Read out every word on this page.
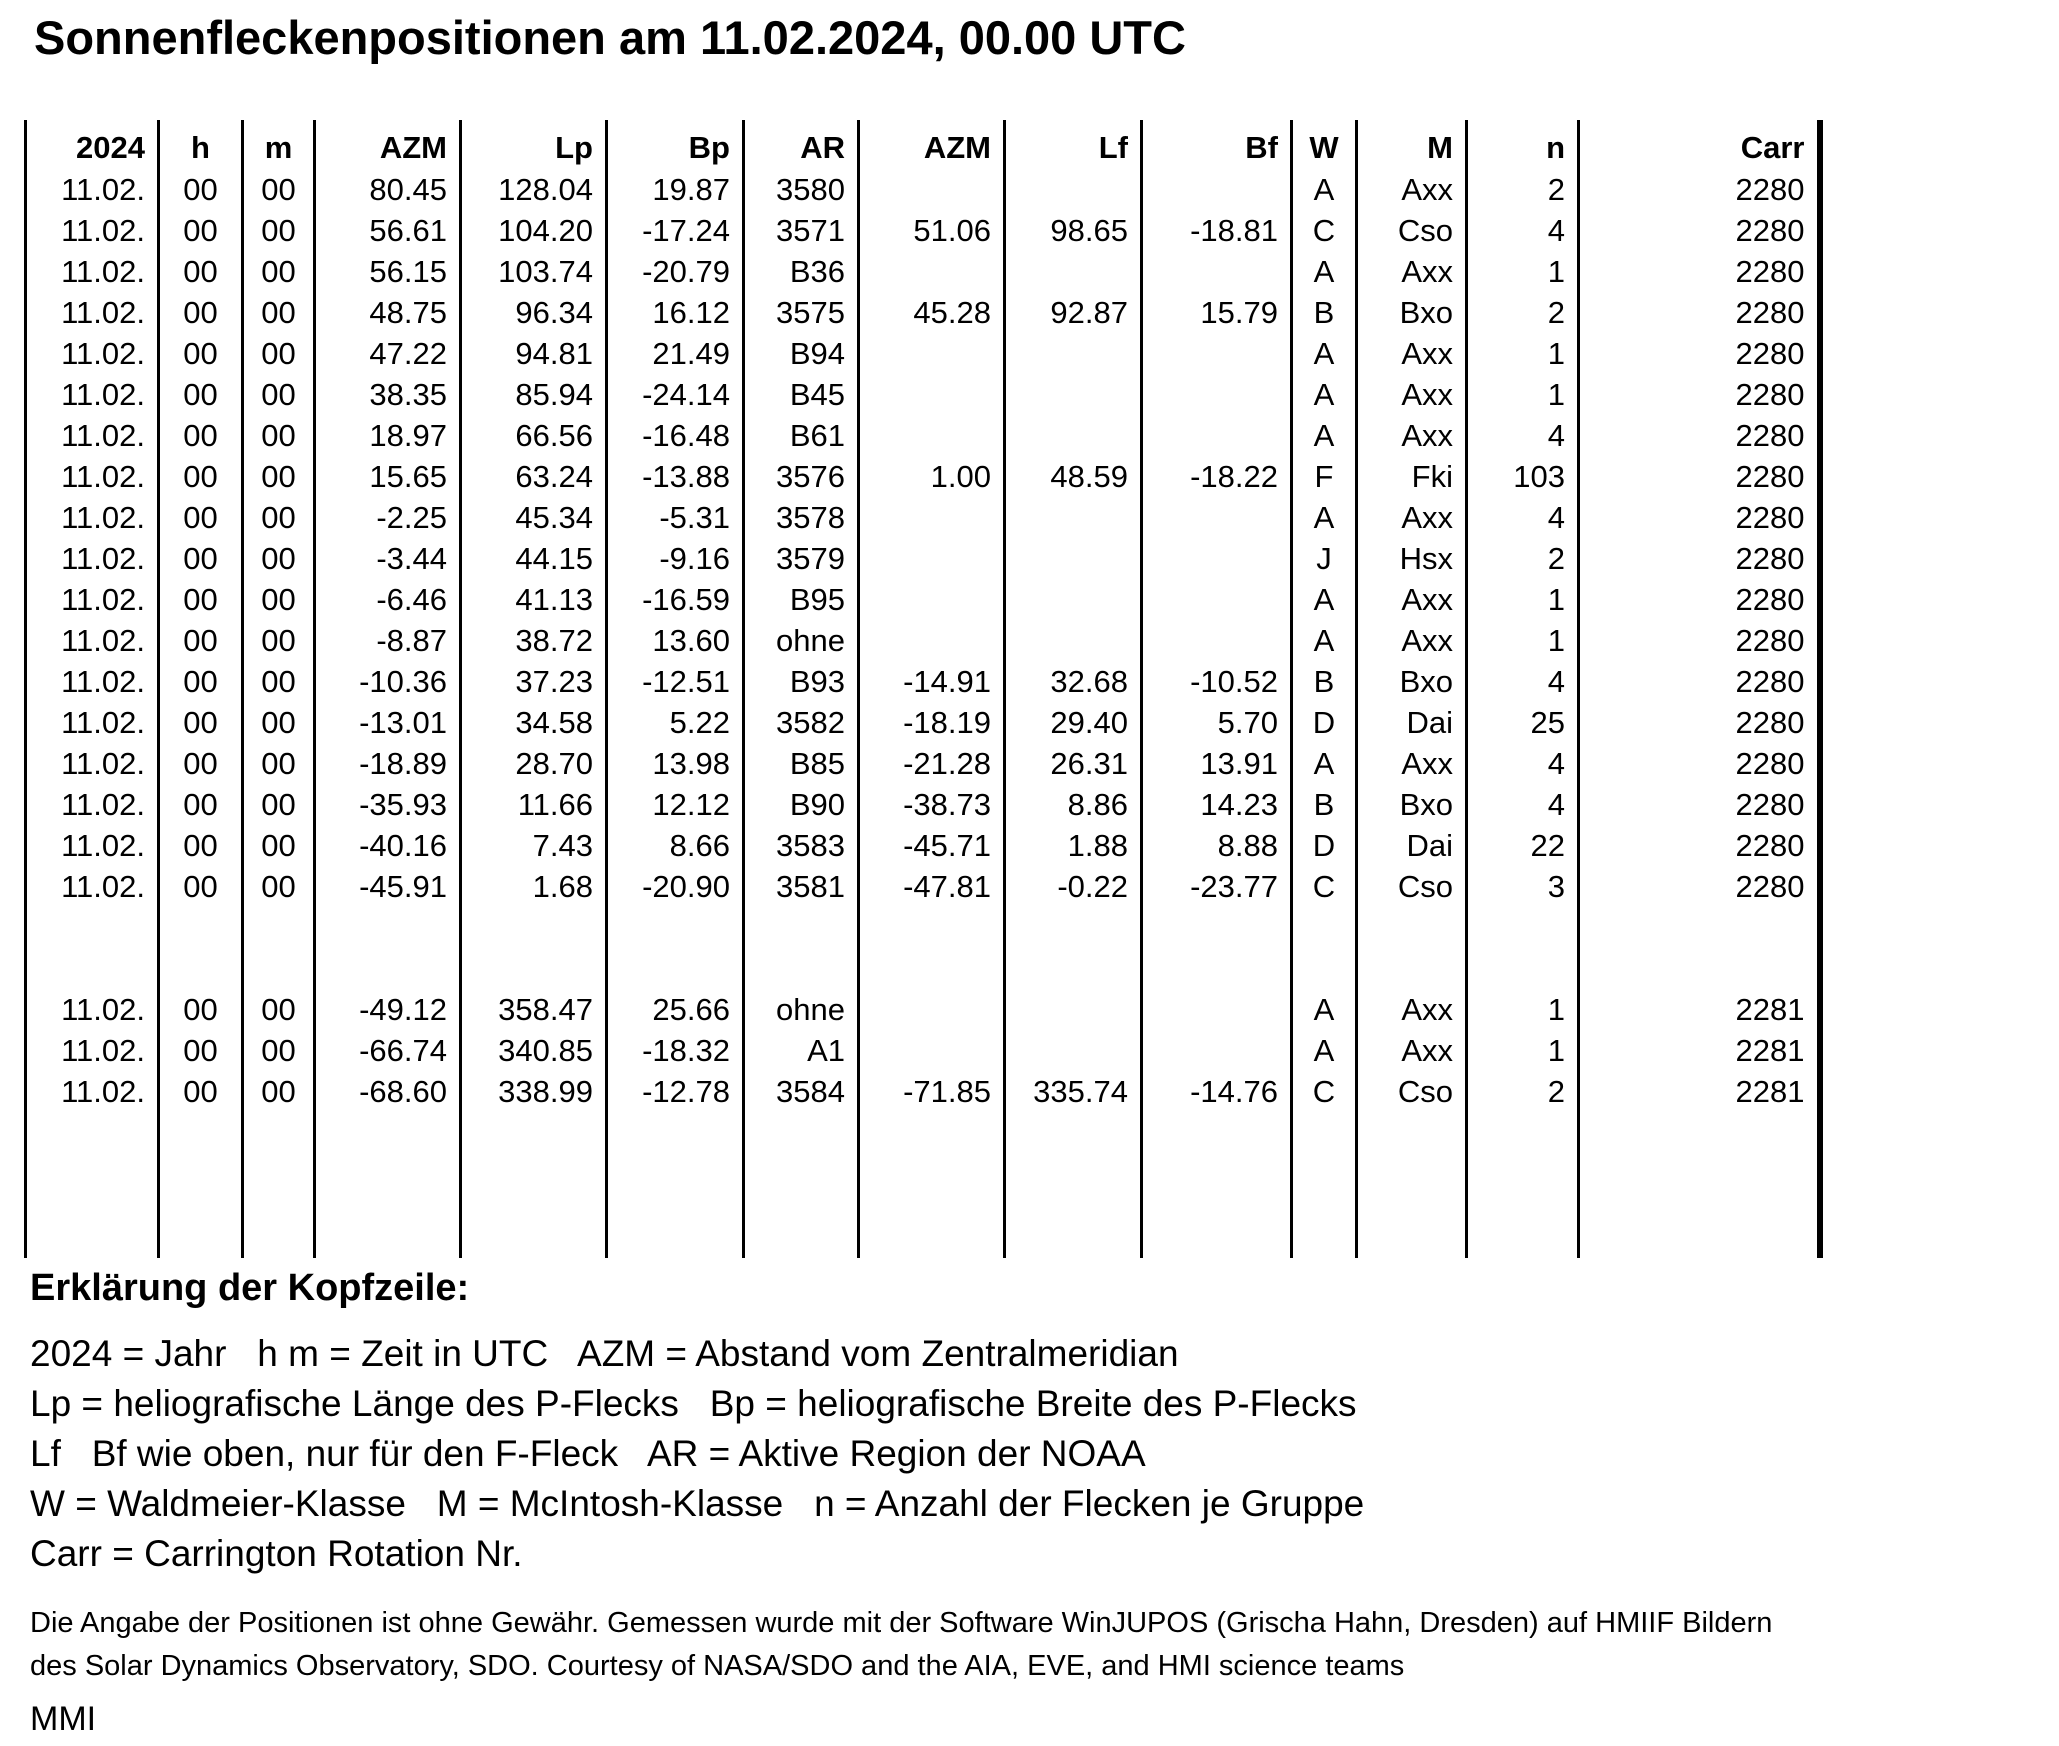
Sonnenfleckenpositionen am 11.02.2024, 00.00 UTC
2024	h	m	AZM	Lp	Bp	AR	AZM	Lf	Bf	W	M	n	Carr
11.02.	00	00	80.45	128.04	19.87	3580				A	Axx	2	2280
11.02.	00	00	56.61	104.20	-17.24	3571	51.06	98.65	-18.81	C	Cso	4	2280
11.02.	00	00	56.15	103.74	-20.79	B36				A	Axx	1	2280
11.02.	00	00	48.75	96.34	16.12	3575	45.28	92.87	15.79	B	Bxo	2	2280
11.02.	00	00	47.22	94.81	21.49	B94				A	Axx	1	2280
11.02.	00	00	38.35	85.94	-24.14	B45				A	Axx	1	2280
11.02.	00	00	18.97	66.56	-16.48	B61				A	Axx	4	2280
11.02.	00	00	15.65	63.24	-13.88	3576	1.00	48.59	-18.22	F	Fki	103	2280
11.02.	00	00	-2.25	45.34	-5.31	3578				A	Axx	4	2280
11.02.	00	00	-3.44	44.15	-9.16	3579				J	Hsx	2	2280
11.02.	00	00	-6.46	41.13	-16.59	B95				A	Axx	1	2280
11.02.	00	00	-8.87	38.72	13.60	ohne				A	Axx	1	2280
11.02.	00	00	-10.36	37.23	-12.51	B93	-14.91	32.68	-10.52	B	Bxo	4	2280
11.02.	00	00	-13.01	34.58	5.22	3582	-18.19	29.40	5.70	D	Dai	25	2280
11.02.	00	00	-18.89	28.70	13.98	B85	-21.28	26.31	13.91	A	Axx	4	2280
11.02.	00	00	-35.93	11.66	12.12	B90	-38.73	8.86	14.23	B	Bxo	4	2280
11.02.	00	00	-40.16	7.43	8.66	3583	-45.71	1.88	8.88	D	Dai	22	2280
11.02.	00	00	-45.91	1.68	-20.90	3581	-47.81	-0.22	-23.77	C	Cso	3	2280

11.02.	00	00	-49.12	358.47	25.66	ohne				A	Axx	1	2281
11.02.	00	00	-66.74	340.85	-18.32	A1				A	Axx	1	2281
11.02.	00	00	-68.60	338.99	-12.78	3584	-71.85	335.74	-14.76	C	Cso	2	2281

Erklärung der Kopfzeile:
2024 = Jahr   h m = Zeit in UTC   AZM = Abstand vom Zentralmeridian
Lp = heliografische Länge des P-Flecks   Bp = heliografische Breite des P-Flecks
Lf   Bf wie oben, nur für den F-Fleck   AR = Aktive Region der NOAA
W = Waldmeier-Klasse   M = McIntosh-Klasse   n = Anzahl der Flecken je Gruppe
Carr = Carrington Rotation Nr.
Die Angabe der Positionen ist ohne Gewähr. Gemessen wurde mit der Software WinJUPOS (Grischa Hahn, Dresden) auf HMIIF Bildern
des Solar Dynamics Observatory, SDO. Courtesy of NASA/SDO and the AIA, EVE, and HMI science teams
MMI
